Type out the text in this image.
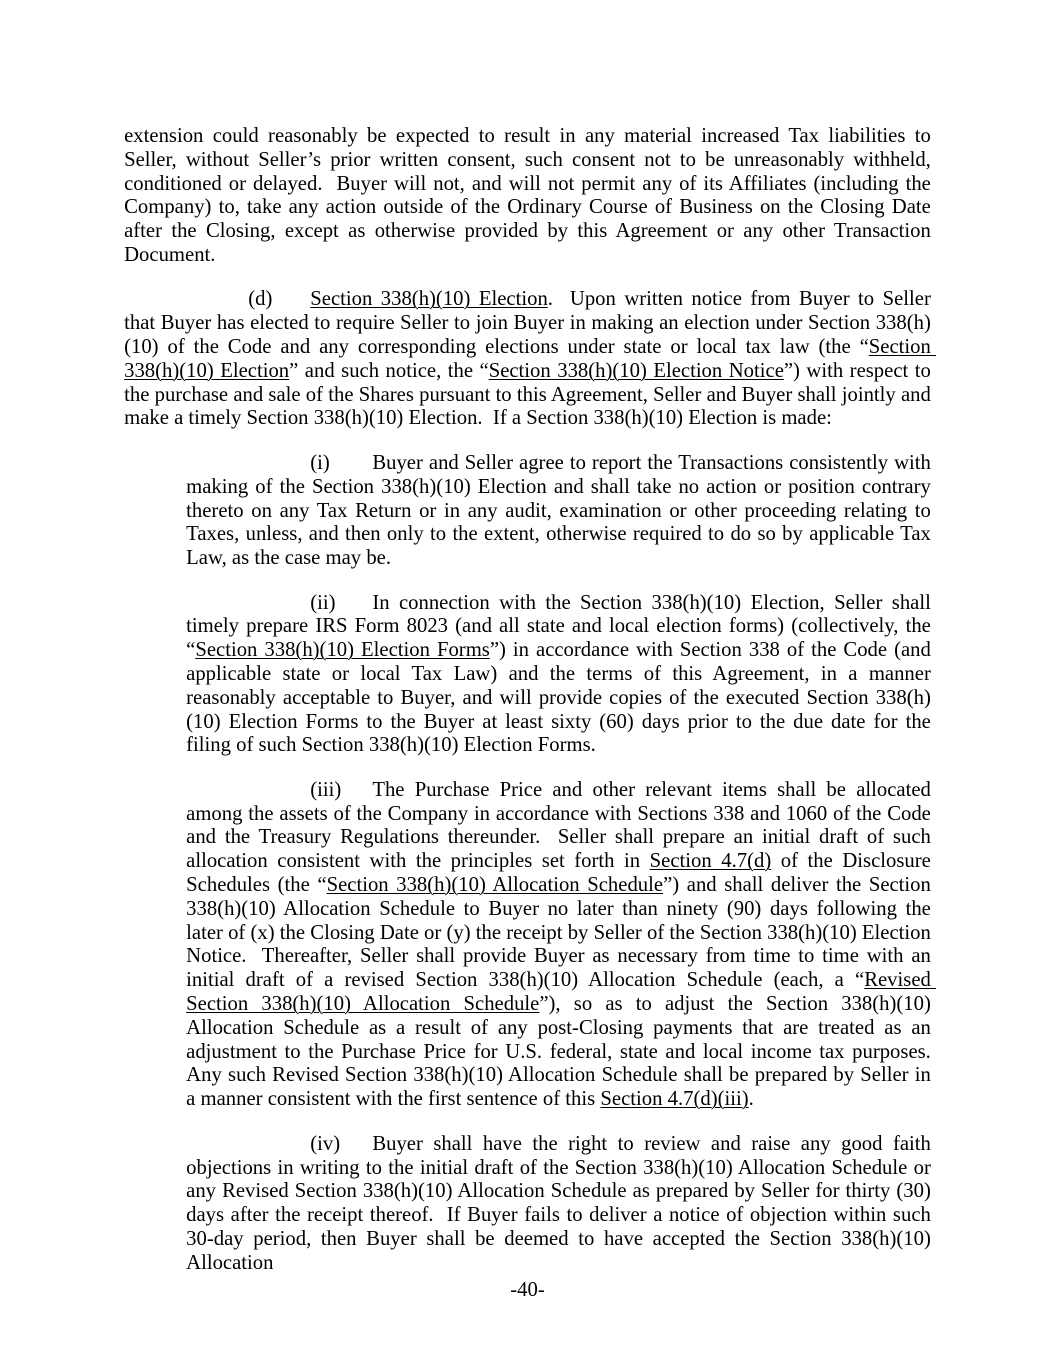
extension could reasonably be expected to result in any material increased Tax liabilities to Seller, without Seller’s prior written consent, such consent not to be unreasonably withheld, conditioned or delayed.  Buyer will not, and will not permit any of its Affiliates (including the Company) to, take any action outside of the Ordinary Course of Business on the Closing Date after the Closing, except as otherwise provided by this Agreement or any other Transaction Document.

(d) Section 338(h)(10) Election.  Upon written notice from Buyer to Seller that Buyer has elected to require Seller to join Buyer in making an election under Section 338(h)(10) of the Code and any corresponding elections under state or local tax law (the “Section 338(h)(10) Election” and such notice, the “Section 338(h)(10) Election Notice”) with respect to the purchase and sale of the Shares pursuant to this Agreement, Seller and Buyer shall jointly and make a timely Section 338(h)(10) Election.  If a Section 338(h)(10) Election is made:

(i) Buyer and Seller agree to report the Transactions consistently with making of the Section 338(h)(10) Election and shall take no action or position contrary thereto on any Tax Return or in any audit, examination or other proceeding relating to Taxes, unless, and then only to the extent, otherwise required to do so by applicable Tax Law, as the case may be.

(ii) In connection with the Section 338(h)(10) Election, Seller shall timely prepare IRS Form 8023 (and all state and local election forms) (collectively, the “Section 338(h)(10) Election Forms”) in accordance with Section 338 of the Code (and applicable state or local Tax Law) and the terms of this Agreement, in a manner reasonably acceptable to Buyer, and will provide copies of the executed Section 338(h)(10) Election Forms to the Buyer at least sixty (60) days prior to the due date for the filing of such Section 338(h)(10) Election Forms.

(iii) The Purchase Price and other relevant items shall be allocated among the assets of the Company in accordance with Sections 338 and 1060 of the Code and the Treasury Regulations thereunder.  Seller shall prepare an initial draft of such allocation consistent with the principles set forth in Section 4.7(d) of the Disclosure Schedules (the “Section 338(h)(10) Allocation Schedule”) and shall deliver the Section 338(h)(10) Allocation Schedule to Buyer no later than ninety (90) days following the later of (x) the Closing Date or (y) the receipt by Seller of the Section 338(h)(10) Election Notice.  Thereafter, Seller shall provide Buyer as necessary from time to time with an initial draft of a revised Section 338(h)(10) Allocation Schedule (each, a “Revised Section 338(h)(10) Allocation Schedule”), so as to adjust the Section 338(h)(10) Allocation Schedule as a result of any post-Closing payments that are treated as an adjustment to the Purchase Price for U.S. federal, state and local income tax purposes.  Any such Revised Section 338(h)(10) Allocation Schedule shall be prepared by Seller in a manner consistent with the first sentence of this Section 4.7(d)(iii).

(iv) Buyer shall have the right to review and raise any good faith objections in writing to the initial draft of the Section 338(h)(10) Allocation Schedule or any Revised Section 338(h)(10) Allocation Schedule as prepared by Seller for thirty (30) days after the receipt thereof.  If Buyer fails to deliver a notice of objection within such 30-day period, then Buyer shall be deemed to have accepted the Section 338(h)(10) Allocation

-40-
